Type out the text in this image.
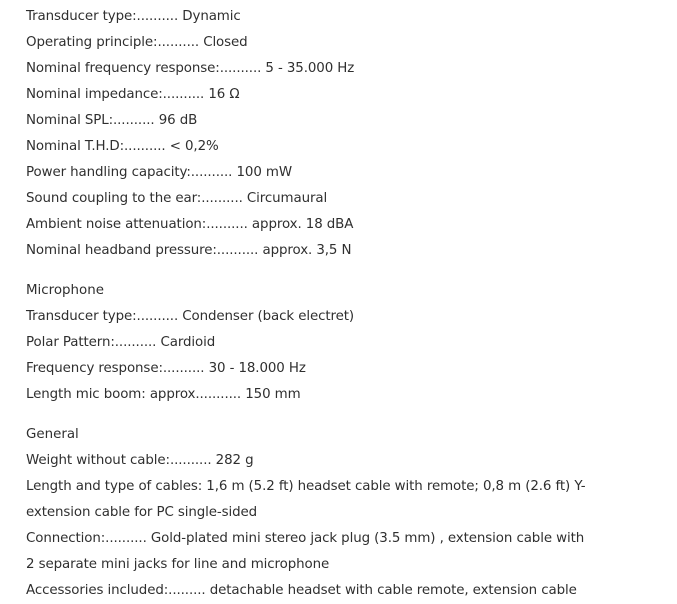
Transducer type:.......... Dynamic
Operating principle:.......... Closed
Nominal frequency response:.......... 5 - 35.000 Hz
Nominal impedance:.......... 16 Ω
Nominal SPL:.......... 96 dB
Nominal T.H.D:.......... < 0,2%
Power handling capacity:.......... 100 mW
Sound coupling to the ear:.......... Circumaural
Ambient noise attenuation:.......... approx. 18 dBA
Nominal headband pressure:.......... approx. 3,5 N
Microphone
Transducer type:.......... Condenser (back electret)
Polar Pattern:.......... Cardioid
Frequency response:.......... 30 - 18.000 Hz
Length mic boom: approx........... 150 mm
General
Weight without cable:.......... 282 g
Length and type of cables: 1,6 m (5.2 ft) headset cable with remote; 0,8 m (2.6 ft) Y-
extension cable for PC single-sided
Connection:.......... Gold-plated mini stereo jack plug (3.5 mm) , extension cable with
2 separate mini jacks for line and microphone
Accessories included:......... detachable headset with cable remote, extension cable
